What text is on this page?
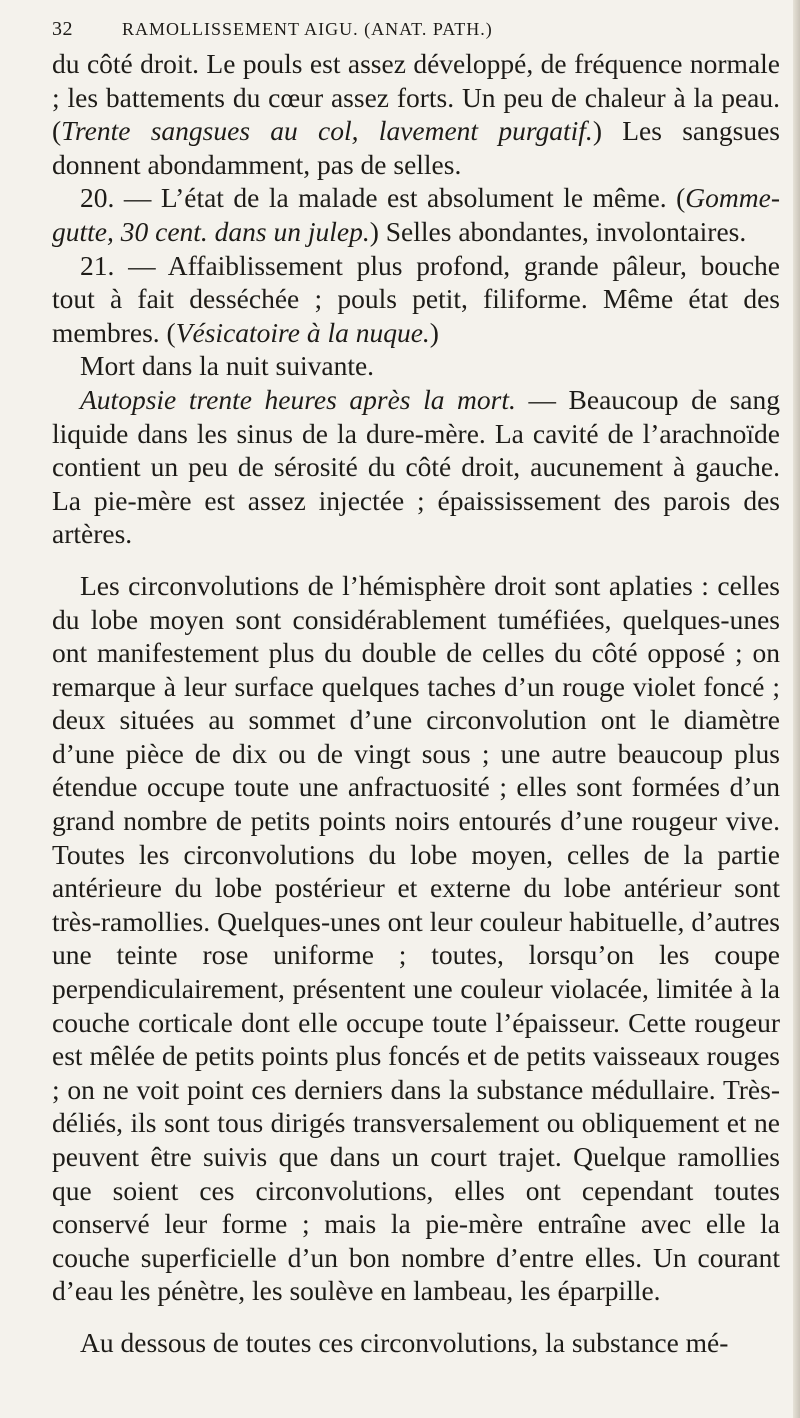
32	RAMOLLISSEMENT AIGU. (ANAT. PATH.)

du côté droit. Le pouls est assez développé, de fréquence normale ; les battements du cœur assez forts. Un peu de chaleur à la peau. (Trente sangsues au col, lavement purgatif.) Les sangsues donnent abondamment, pas de selles.

20. — L’état de la malade est absolument le même. (Gomme-gutte, 30 cent. dans un julep.) Selles abondantes, involontaires.

21. — Affaiblissement plus profond, grande pâleur, bouche tout à fait desséchée ; pouls petit, filiforme. Même état des membres. (Vésicatoire à la nuque.)

Mort dans la nuit suivante.

Autopsie trente heures après la mort. — Beaucoup de sang liquide dans les sinus de la dure-mère. La cavité de l’arachnoïde contient un peu de sérosité du côté droit, aucunement à gauche. La pie-mère est assez injectée ; épaississement des parois des artères.

Les circonvolutions de l’hémisphère droit sont aplaties : celles du lobe moyen sont considérablement tuméfiées, quelques-unes ont manifestement plus du double de celles du côté opposé ; on remarque à leur surface quelques taches d’un rouge violet foncé ; deux situées au sommet d’une circonvolution ont le diamètre d’une pièce de dix ou de vingt sous ; une autre beaucoup plus étendue occupe toute une anfractuosité ; elles sont formées d’un grand nombre de petits points noirs entourés d’une rougeur vive. Toutes les circonvolutions du lobe moyen, celles de la partie antérieure du lobe postérieur et externe du lobe antérieur sont très-ramollies. Quelques-unes ont leur couleur habituelle, d’autres une teinte rose uniforme ; toutes, lorsqu’on les coupe perpendiculairement, présentent une couleur violacée, limitée à la couche corticale dont elle occupe toute l’épaisseur. Cette rougeur est mêlée de petits points plus foncés et de petits vaisseaux rouges ; on ne voit point ces derniers dans la substance médullaire. Très-déliés, ils sont tous dirigés transversalement ou obliquement et ne peuvent être suivis que dans un court trajet. Quelque ramollies que soient ces circonvolutions, elles ont cependant toutes conservé leur forme ; mais la pie-mère entraîne avec elle la couche superficielle d’un bon nombre d’entre elles. Un courant d’eau les pénètre, les soulève en lambeau, les éparpille.

Au dessous de toutes ces circonvolutions, la substance mé-
